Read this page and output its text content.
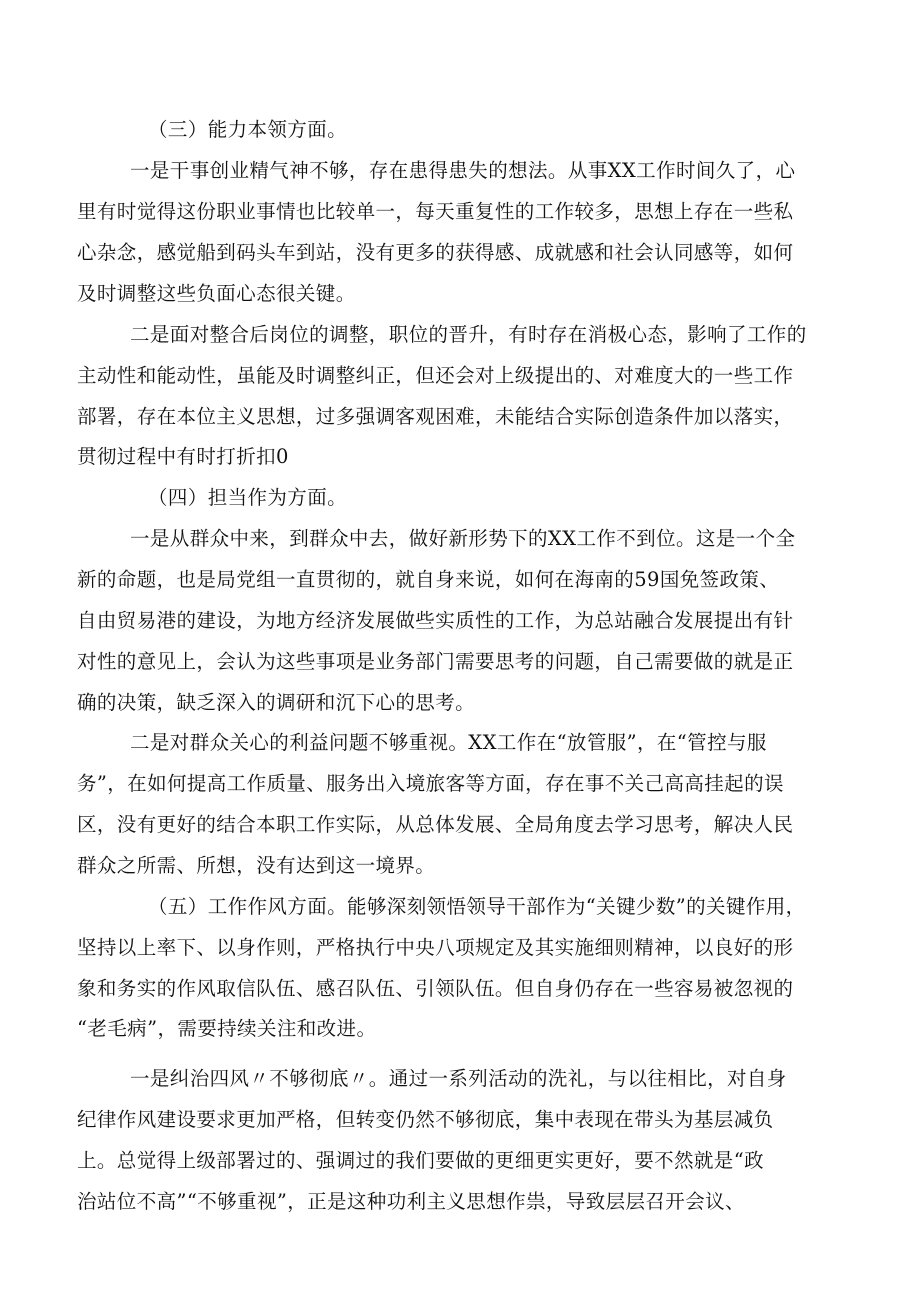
（三）能力本领方面。
一是干事创业精气神不够，存在患得患失的想法。从事XX工作时间久了，心
里有时觉得这份职业事情也比较单一，每天重复性的工作较多，思想上存在一些私
心杂念，感觉船到码头车到站，没有更多的获得感、成就感和社会认同感等，如何
及时调整这些负面心态很关键。
二是面对整合后岗位的调整，职位的晋升，有时存在消极心态，影响了工作的
主动性和能动性，虽能及时调整纠正，但还会对上级提出的、对难度大的一些工作
部署，存在本位主义思想，过多强调客观困难，未能结合实际创造条件加以落实，
贯彻过程中有时打折扣0
（四）担当作为方面。
一是从群众中来，到群众中去，做好新形势下的XX工作不到位。这是一个全
新的命题，也是局党组一直贯彻的，就自身来说，如何在海南的59国免签政策、
自由贸易港的建设，为地方经济发展做些实质性的工作，为总站融合发展提出有针
对性的意见上，会认为这些事项是业务部门需要思考的问题，自己需要做的就是正
确的决策，缺乏深入的调研和沉下心的思考。
二是对群众关心的利益问题不够重视。XX工作在“放管服”，在“管控与服
务”，在如何提高工作质量、服务出入境旅客等方面，存在事不关己高高挂起的误
区，没有更好的结合本职工作实际，从总体发展、全局角度去学习思考，解决人民
群众之所需、所想，没有达到这一境界。
（五）工作作风方面。能够深刻领悟领导干部作为“关键少数”的关键作用，
坚持以上率下、以身作则，严格执行中央八项规定及其实施细则精神，以良好的形
象和务实的作风取信队伍、感召队伍、引领队伍。但自身仍存在一些容易被忽视的
“老毛病”，需要持续关注和改进。
一是纠治四风〃不够彻底〃。通过一系列活动的洗礼，与以往相比，对自身
纪律作风建设要求更加严格，但转变仍然不够彻底，集中表现在带头为基层减负
上。总觉得上级部署过的、强调过的我们要做的更细更实更好，要不然就是“政
治站位不高”“不够重视”，正是这种功利主义思想作祟，导致层层召开会议、
